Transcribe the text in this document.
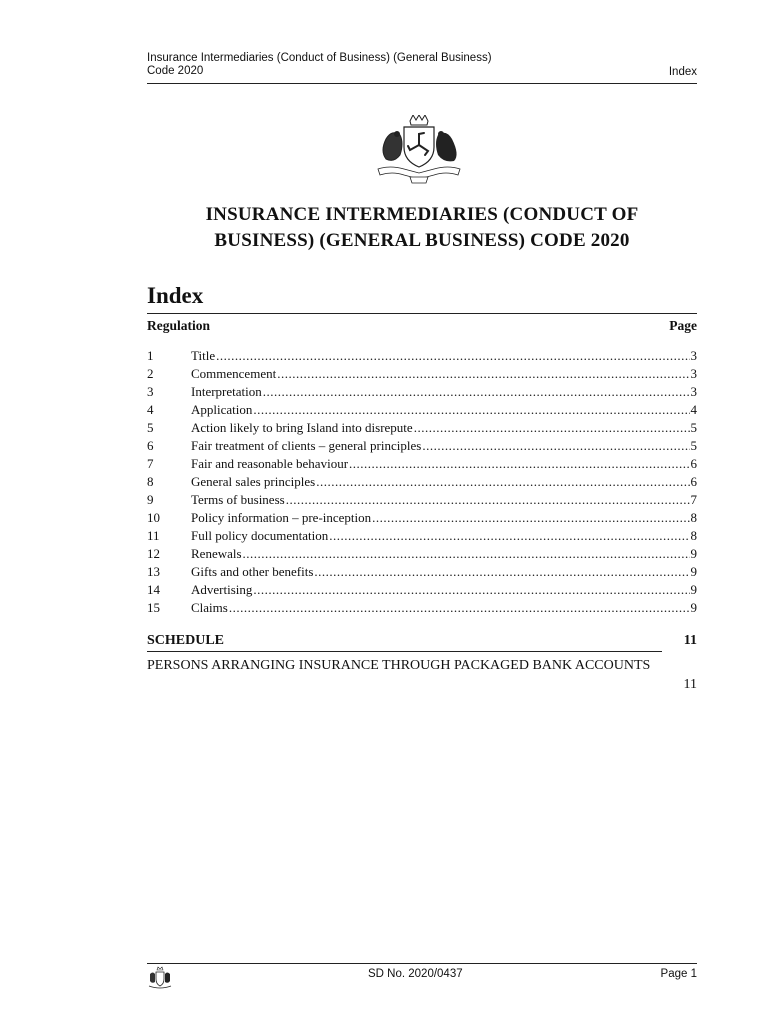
Insurance Intermediaries (Conduct of Business) (General Business) Code 2020	Index
INSURANCE INTERMEDIARIES (CONDUCT OF
BUSINESS) (GENERAL BUSINESS) CODE 2020
Index
Regulation	Page
1	Title .....	3
2	Commencement .....	3
3	Interpretation .....	3
4	Application .....	4
5	Action likely to bring Island into disrepute .....	5
6	Fair treatment of clients – general principles .....	5
7	Fair and reasonable behaviour .....	6
8	General sales principles .....	6
9	Terms of business .....	7
10 Policy information – pre-inception .....	8
11 Full policy documentation .....	8
12 Renewals .....	9
13 Gifts and other benefits .....	9
14 Advertising .....	9
15 Claims .....	9
SCHEDULE	11
PERSONS ARRANGING INSURANCE THROUGH PACKAGED BANK ACCOUNTS
11
SD No. 2020/0437	Page 1
